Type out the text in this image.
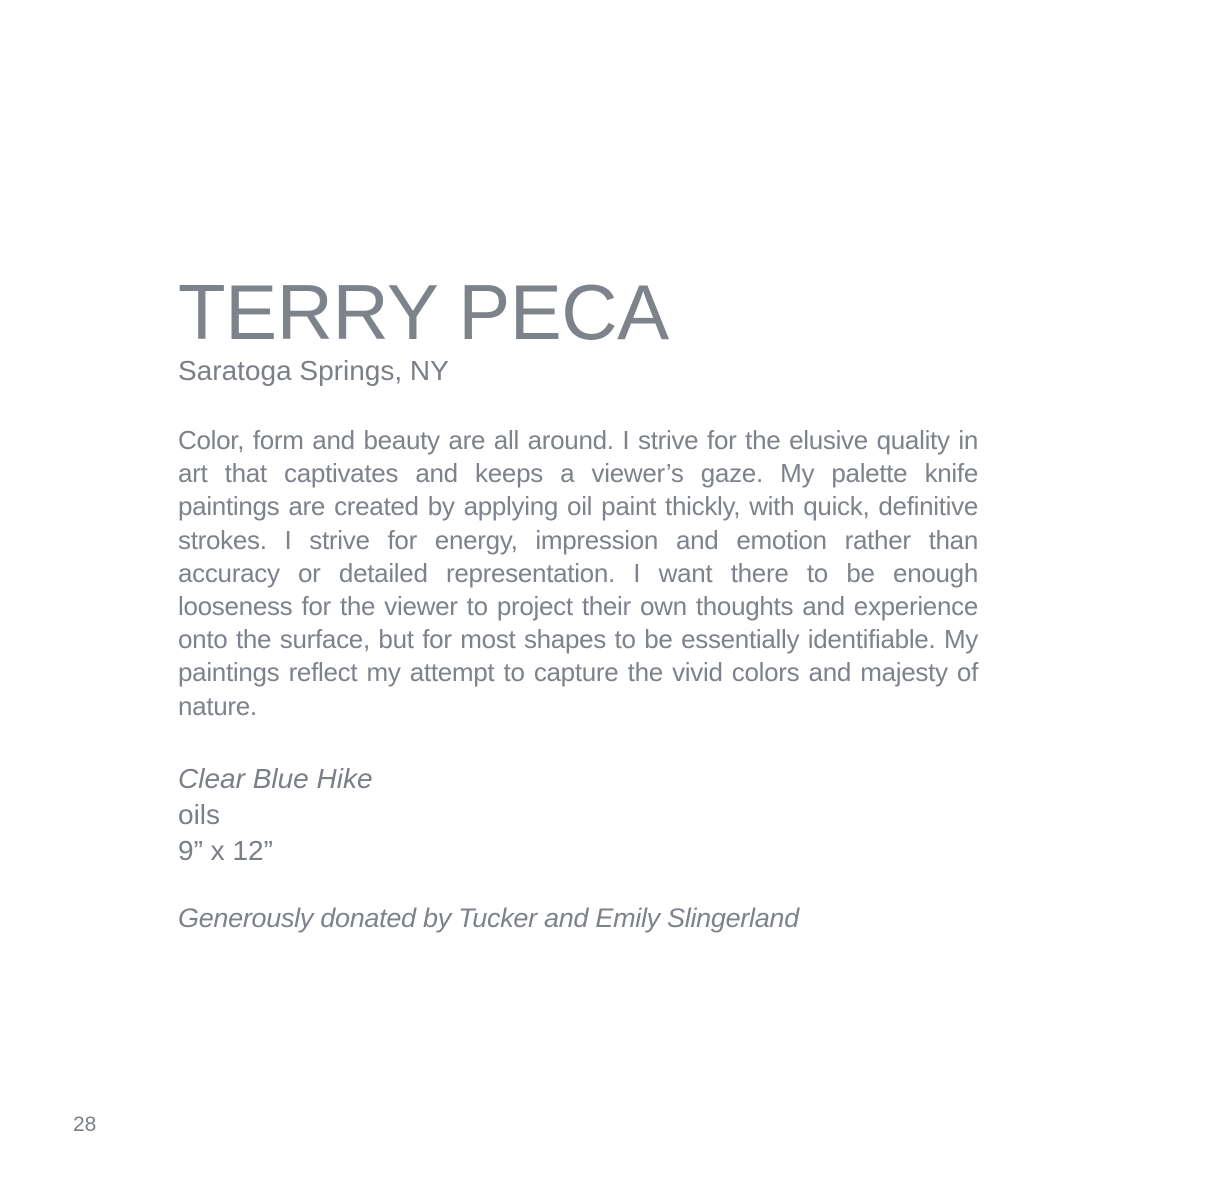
TERRY PECA

Saratoga Springs, NY

Color, form and beauty are all around. I strive for the elusive quality in art that captivates and keeps a viewer’s gaze. My palette knife paintings are created by applying oil paint thickly, with quick, definitive strokes. I strive for energy, impression and emotion rather than accuracy or detailed representation. I want there to be enough looseness for the viewer to project their own thoughts and experience onto the surface, but for most shapes to be essentially identifiable. My paintings reflect my attempt to capture the vivid colors and majesty of nature.

Clear Blue Hike

oils

9” x 12”

Generously donated by Tucker and Emily Slingerland

28
